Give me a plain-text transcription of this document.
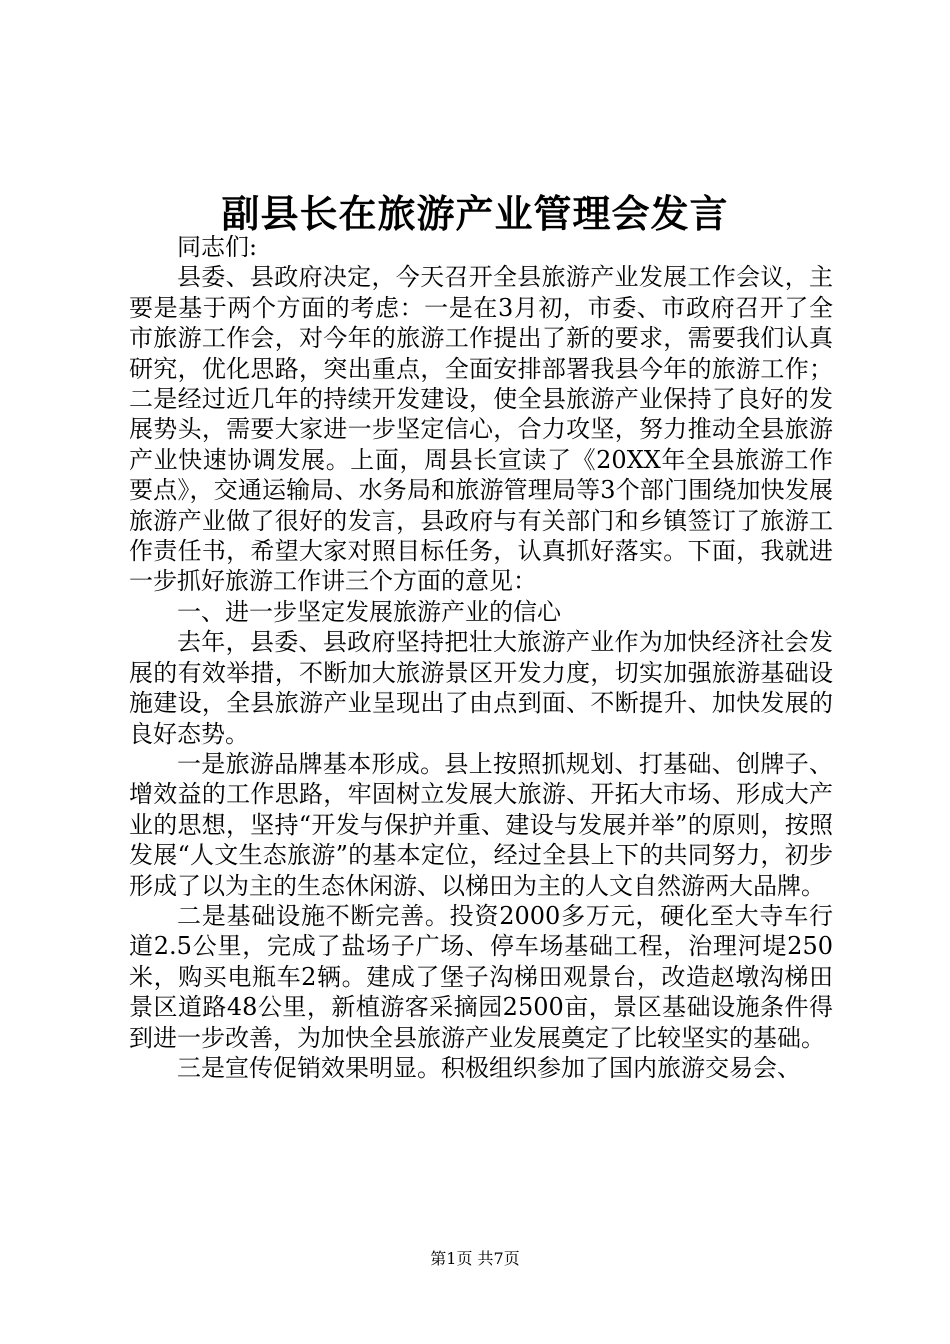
副县长在旅游产业管理会发言

同志们:

县委、县政府决定，今天召开全县旅游产业发展工作会议，主要是基于两个方面的考虑：一是在3月初，市委、市政府召开了全市旅游工作会，对今年的旅游工作提出了新的要求，需要我们认真研究，优化思路，突出重点，全面安排部署我县今年的旅游工作；二是经过近几年的持续开发建设，使全县旅游产业保持了良好的发展势头，需要大家进一步坚定信心，合力攻坚，努力推动全县旅游产业快速协调发展。上面，周县长宣读了《20XX年全县旅游工作要点》，交通运输局、水务局和旅游管理局等3个部门围绕加快发展旅游产业做了很好的发言，县政府与有关部门和乡镇签订了旅游工作责任书，希望大家对照目标任务，认真抓好落实。下面，我就进一步抓好旅游工作讲三个方面的意见：

一、进一步坚定发展旅游产业的信心

去年，县委、县政府坚持把壮大旅游产业作为加快经济社会发展的有效举措，不断加大旅游景区开发力度，切实加强旅游基础设施建设，全县旅游产业呈现出了由点到面、不断提升、加快发展的良好态势。

一是旅游品牌基本形成。县上按照抓规划、打基础、创牌子、增效益的工作思路，牢固树立发展大旅游、开拓大市场、形成大产业的思想，坚持“开发与保护并重、建设与发展并举”的原则，按照发展“人文生态旅游”的基本定位，经过全县上下的共同努力，初步形成了以为主的生态休闲游、以梯田为主的人文自然游两大品牌。

二是基础设施不断完善。投资2000多万元，硬化至大寺车行道2.5公里，完成了盐场子广场、停车场基础工程，治理河堤250米，购买电瓶车2辆。建成了堡子沟梯田观景台，改造赵墩沟梯田景区道路48公里，新植游客采摘园2500亩，景区基础设施条件得到进一步改善，为加快全县旅游产业发展奠定了比较坚实的基础。

三是宣传促销效果明显。积极组织参加了国内旅游交易会、

第1页 共7页
